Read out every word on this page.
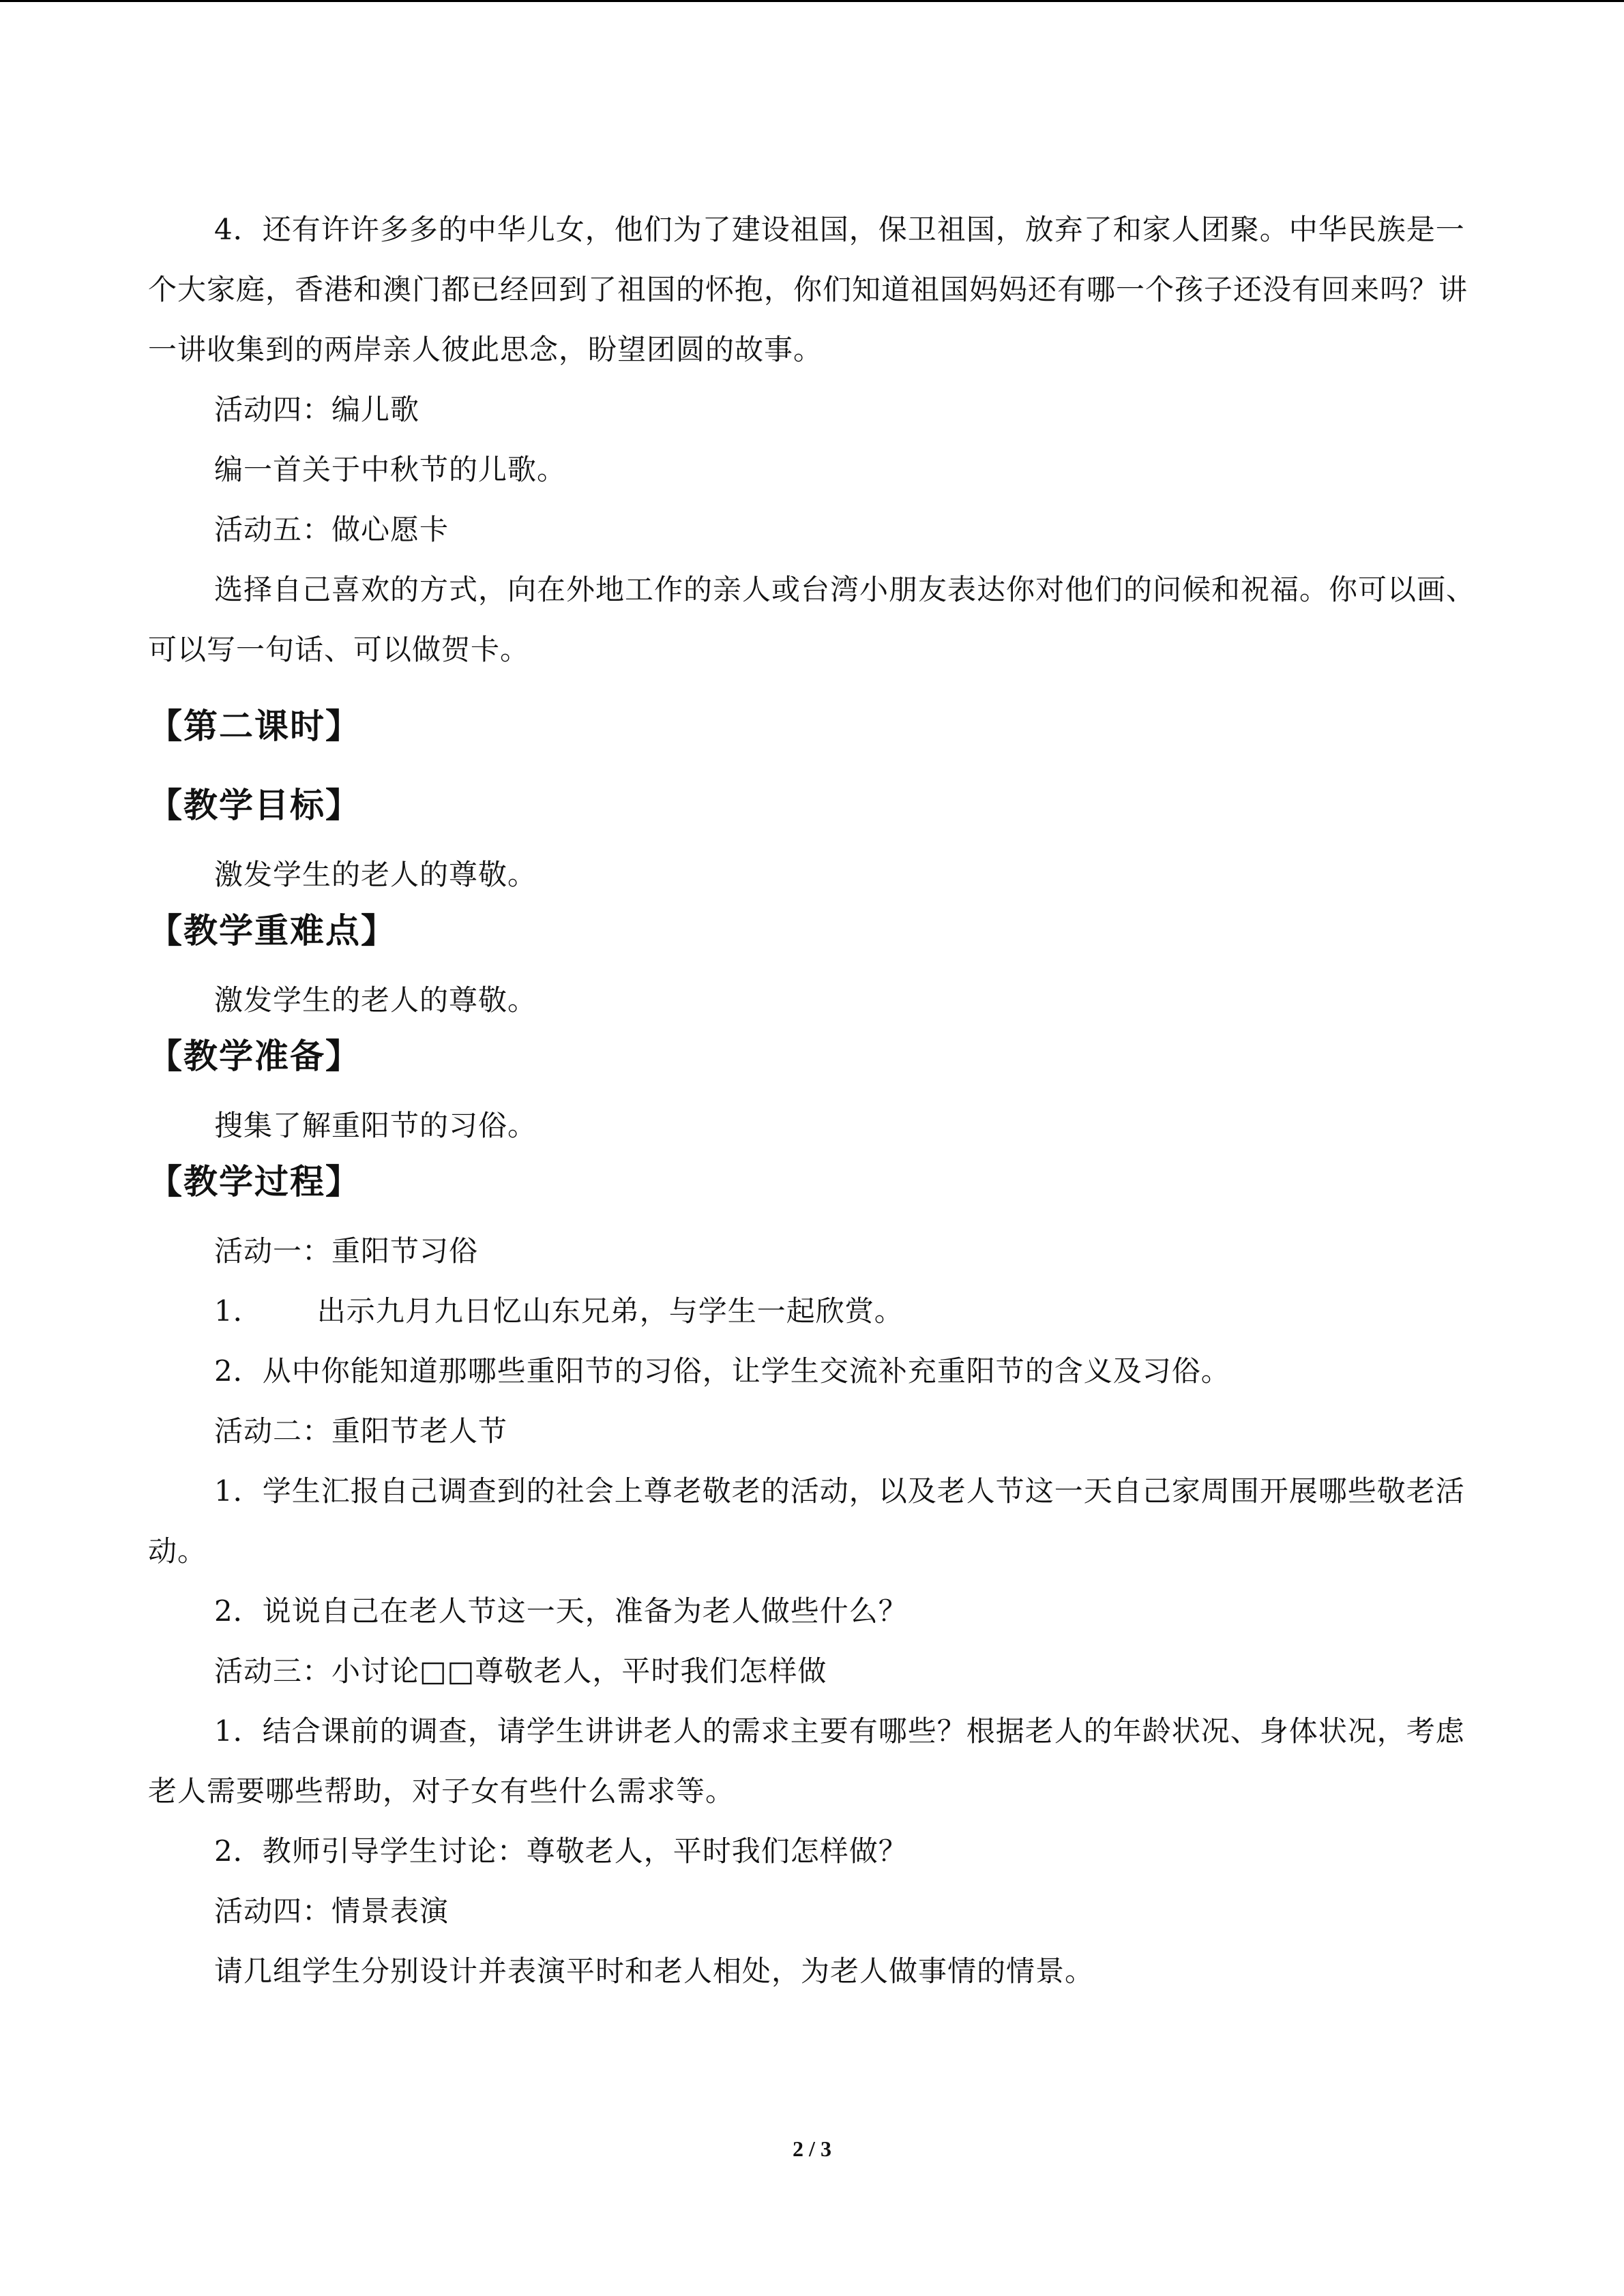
4．还有许许多多的中华儿女，他们为了建设祖国，保卫祖国，放弃了和家人团聚。中华民族是一个大家庭，香港和澳门都已经回到了祖国的怀抱，你们知道祖国妈妈还有哪一个孩子还没有回来吗？讲一讲收集到的两岸亲人彼此思念，盼望团圆的故事。

活动四：编儿歌

编一首关于中秋节的儿歌。

活动五：做心愿卡

选择自己喜欢的方式，向在外地工作的亲人或台湾小朋友表达你对他们的问候和祝福。你可以画、可以写一句话、可以做贺卡。

【第二课时】
【教学目标】

激发学生的老人的尊敬。

【教学重难点】

激发学生的老人的尊敬。

【教学准备】

搜集了解重阳节的习俗。

【教学过程】

活动一：重阳节习俗

1． 出示九月九日忆山东兄弟，与学生一起欣赏。

2．从中你能知道那哪些重阳节的习俗，让学生交流补充重阳节的含义及习俗。

活动二：重阳节老人节

1．学生汇报自己调查到的社会上尊老敬老的活动，以及老人节这一天自己家周围开展哪些敬老活动。

2．说说自己在老人节这一天，准备为老人做些什么？

活动三：小讨论□□尊敬老人，平时我们怎样做

1．结合课前的调查，请学生讲讲老人的需求主要有哪些？根据老人的年龄状况、身体状况，考虑老人需要哪些帮助，对子女有些什么需求等。

2．教师引导学生讨论：尊敬老人，平时我们怎样做？

活动四：情景表演

请几组学生分别设计并表演平时和老人相处，为老人做事情的情景。

2 / 3
